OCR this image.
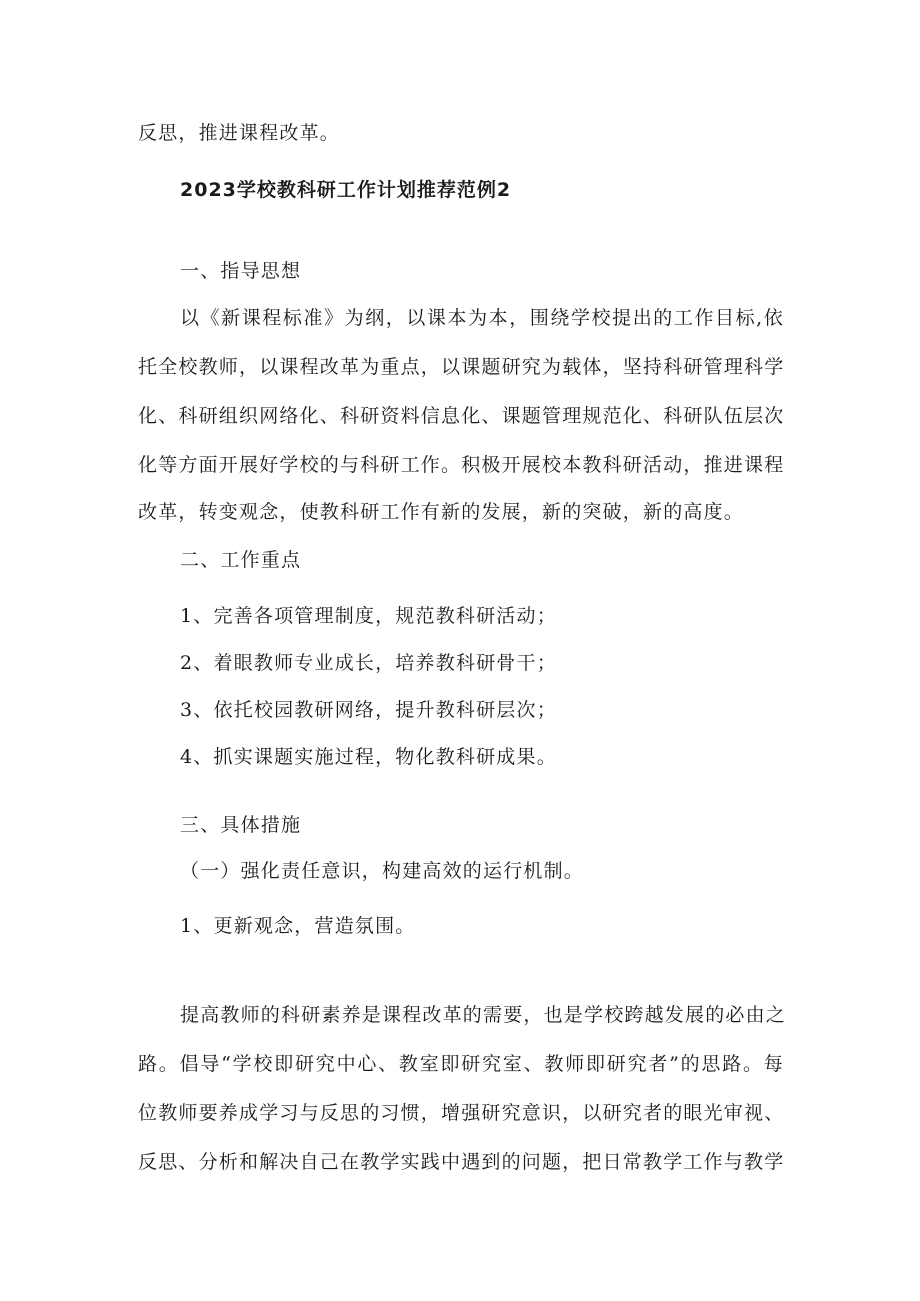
反思，推进课程改革。
2023学校教科研工作计划推荐范例2
一、指导思想
以《新课程标准》为纲，以课本为本，围绕学校提出的工作目标,依
托全校教师，以课程改革为重点，以课题研究为载体，坚持科研管理科学
化、科研组织网络化、科研资料信息化、课题管理规范化、科研队伍层次
化等方面开展好学校的与科研工作。积极开展校本教科研活动，推进课程
改革，转变观念，使教科研工作有新的发展，新的突破，新的高度。
二、工作重点
1、完善各项管理制度，规范教科研活动；
2、着眼教师专业成长，培养教科研骨干；
3、依托校园教研网络，提升教科研层次；
4、抓实课题实施过程，物化教科研成果。
三、具体措施
（一）强化责任意识，构建高效的运行机制。
1、更新观念，营造氛围。
提高教师的科研素养是课程改革的需要，也是学校跨越发展的必由之
路。倡导“学校即研究中心、教室即研究室、教师即研究者”的思路。每
位教师要养成学习与反思的习惯，增强研究意识，以研究者的眼光审视、
反思、分析和解决自己在教学实践中遇到的问题，把日常教学工作与教学
